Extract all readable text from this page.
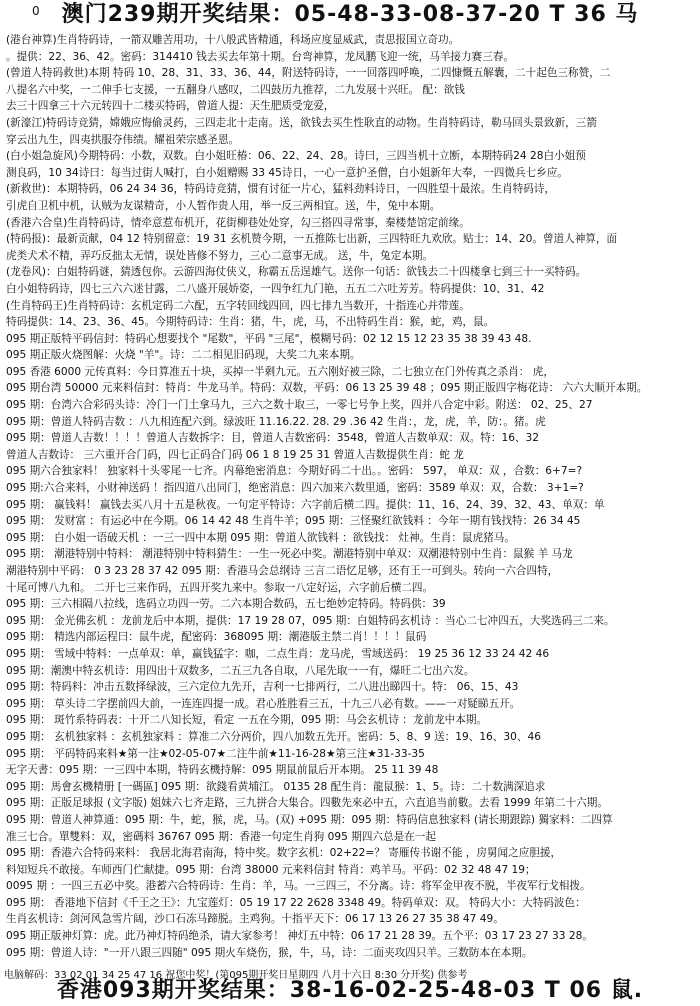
0 澳门239期开奖结果：05-48-33-08-37-20 T 36 马
(港台神算)生肖特码诗，一箭双雕苦用功，十八般武皆精通，科场应度显威武，责思报国立奇功。
。提供：22、36、42。密码：314410 钱去买去年第十期。台弯神算，龙凤鹏飞迎一统，马羊接力赛三春。
(曾道人特码救世)本期 特码 10、28、31、33、36、44，附送特码诗，一一回落四呼唤，二四慷慨五解囊，二十起色三称赞，二
八提名六中奖，一二伸手七支援，一五翻身八感叹，二四鼓历九推荐，二九发展十兴旺。 配：欲钱
去三十四拿三十六元转四十二楼买特码，曾道人提：天生肥质受宠爱，
(新濠江)特码诗竞猜，嫦娥应悔偷灵药，三四走北十走南。送，欲钱去买生性耿直的动物。生肖特码诗，勒马回头景致新，三箭
穿云出九生，四夷拱服夺伟绩。耀祖荣宗感圣恩。
(白小姐急旋风)今期特码：小数，双数。白小姐旺椿：06、22、24、28。诗曰，三四当机十立断，本期特码24 28白小姐预
测良码，10 34诗曰：每当过街人喊打，白小姐赠赐 33 45诗日，一心一意护圣僧，白小姐新年大奉，一四微兵七乡应。
(新救世)：本期特码，06 24 34 36，特码诗竞猜，惯有讨征一片心，猛料劲料诗日，一四胜望十最浓。生肖特码诗，
引虎自卫机中机，认贼为友谋精奇，小人暂作贵人用，举一反三两相宜。送，牛，兔中本期。
(香港六合皇)生肖特码诗，情牵意惹布机开，花街柳巷处处穿，勾三搭四寻常事，秦楼楚馆定前缘。
(特码报)：最新贡献，04 12 特别留意：19 31 玄机赞今期，一五推陈七出新，三四特旺九欢欣。贴士：14、20。曾道人神算，面
虎类犬术不精，弄巧反拙太无情，误处皆修不努力，三心二意事无成。 送，牛，兔定本期。
(龙卷风)：白姐特码谜，猜透包你。云游四海仗侠义，称霸五岳逞雄气。送你一句话：欲钱去二十四楼拿七到三十一买特码。
白小姐特码诗，四七三六六迷甘露，二八盛开展娇姿，一四争红九门艳，五五二六吐芳芳。特码提供：10、31、42
(生肖特码王)生肖特码诗：玄机定码二六配，五字转回线四回，四七排九当数开，十指连心并带莲。
特码提供：14、23、36、45。今期特码诗：生肖：猪，牛，虎，马，不出特码生肖：猴，蛇，鸡，鼠。
095 期正版特平码信封：特码心想要找个 "尾数"，平码 "三尾"，模糊号码：02 12 15 12 23 35 38 39 43 48.
095 期正版火烧图解：火烧 "羊"。诗：二二相见旧码现，大奖二九来本期。
095 香港 6000 元传真料：今日算准五十块，买掉一半剩九元。五六刚好被三除，二七独立在门外传真之杀肖： 虎，
095 期台湾 50000 元来料信封：特肖：牛龙马羊。特码：双数，平码：06 13 25 39 48 ；095 期正版四字梅花诗： 六六大顺开本期。
095 期：台湾六合彩码头诗：冷门一门土拿马九，三六之数十取三，一零七号争上奖，四并八合定中彩。附送： 02、25、27
095 期：曾道人特码吉数 ：八九相连配六到。绿波旺 11.16.22. 28. 29 .36 42 生肖：，龙，虎，羊，防：。猪。虎
095 期：曾道人吉数！！！！曾道人吉数拆字：目，曾道人吉数密码：3548，曾道人吉数单双：双。特：16、32
曾道人吉数诗： 三六重开合门码，四七正码合门码 06 1 8 19 25 31 曾道人吉数提供生肖：蛇 龙
095 期六合独家料！ 独家料十头零尾一七齐。内幕绝密消息：今期好码二十出。。密码： 597， 单双：双 ，合数：6+7=?
095 期:六合来料，小财神送码 ！指四道八出同门，绝密消息：四六加来六数里通，密码：3589 单双：双，合数： 3+1=?
095 期： 赢钱料！ 赢钱去买八月十五是秋夜。一句定平特诗：六字前后横二四。提供：11、16、24、39、32、43、单双：单
095 期： 发财富 ：有运必中在今期。06 14 42 48 生肖牛羊；095 期：三怪聚红欲钱料 ：今年一期有钱找特：26 34 45
095 期： 白小姐一语破天机 ：一三一四中本期 095 期：曾道人欲钱料 ：欲钱找： 灶神。生肖：鼠虎猪马。
095 期： 潮港特别中特料： 潮港特别中特料猜生：一生一死必中奖。潮港特别中单双：双潮港特别中生肖：鼠猴 羊 马龙
潮港特别中平码： 0 3 23 28 37 42 095 期：香港马会总纲诗 三言二语忆足够，还有王一可到头。转向一六合四特，
十尾可博八九和。 二开七三来作码，五四开奖九来中。参取一八定好运，六字前后横二四。
095 期：三六相隔八拉线，选码立功四一劳。二六本期合数码，五七绝妙定特码。特码供：39
095 期： 金光佛玄机 ：龙前龙后中本期，提供：17 19 28 07，095 期：白姐特码玄机诗 ：当心二七冲四五，大奖选码三二来。
095 期： 精选内部运程曰：鼠牛虎，配密码：368095 期：潮港版主禁二肖！！！！鼠码
095 期： 雪域中特料：一点单双：单，赢钱猛字：咖，二点生肖：龙马虎，雪域送码： 19 25 36 12 33 24 42 46
095 期：潮澳中特玄机诗：用四出十双数多，二五三九各自取，八尾先取一一有，爆旺二七出六发。
095 期：特码料：冲击五数择绿波，三六定位九先开，吉利一七排两行，二八进出睇四十。特： 06、15、43
095 期： 草头诗二字摆前四大前，一连连四提一成。君心胜胜看三五，十九三八必有数。——一对疑睇五开。
095 期： 斑竹系特码表：十开二八知长短，看定 一五在今期，095 期：马会玄机诗 ：龙前龙中本期。
095 期： 玄机独家料 ：玄机独家料 ：算准二六分两价，四八加数五先开。密码：5、8、9 送：19、16、30、46
095 期： 平码特码来料★第一注★02-05-07★二注牛前★11-16-28★第三注★31-33-35
无字天書：095 期：一三四中本期，特码玄機持解：095 期鼠前鼠后开本期。 25 11 39 48
095 期：馬會玄機精册 [一碼區] 095 期：欲錢看黄埔江。 0135 28 配生肖：龍鼠猴：1、5。诗：二十数满深追求
095 期：正版足球报 (文字版) 姐妹六七齐走路，三九拼合大集合。四數先來必中五，六直追当前數。去看 1999 年第二十六期。
095 期：曾道人神算通：095 期：牛，蛇，猴，虎，马。(双) +095 期：095 期：特码信息独家料 (请长期跟踪) 獨家料：二四算
准三七合。單雙料：双，密碼料 36767 095 期：香港一句定生肖狗 095 期四六总是在一起
095 期：香港六合特码来料： 我居北海君南海，特中奖。数字玄机：02+22=？ 寄雁传书谢不能 ，房舅闻之应胆援，
料知短兵不敢接。车师西门伫献捷。095 期：台湾 38000 元来料信封 特肖：鸡羊马。平码：02 32 48 47 19；
0095 期 ：一四三五必中奖。港蓄六合特码诗：生肖：羊，马。一三四三，不分离。诗：将军金甲夜不脱，半夜军行戈相拨。
095 期： 香港地下信封《千王之王》：九宝莲灯：05 19 17 22 2628 3348 49。特码单双：双。 特码大小：大特码波色：
生肖玄机诗：剑河风急雪片阔，沙口石冻马蹄脱。主鸡狗。十指平天下：06 17 13 26 27 35 38 47 49。
095 期正版神灯算：虎。此乃神灯特码绝杀，请大家参考！ 神灯五中特：06 17 21 28 39。五个平：03 17 23 27 33 28。
095 期：曾道人诗："一开八跟三四随" 095 期火车烧伤，猴，牛，马，诗：二面夹攻四只羊。三数防本在本期。
电脑解码：33 02 01 34 25 47 16 祝您中奖！(第095期开奖日星期四 八月十六日 8:30 分开奖) 供参考
香港093期开奖结果：38-16-02-25-48-03 T 06 鼠.
